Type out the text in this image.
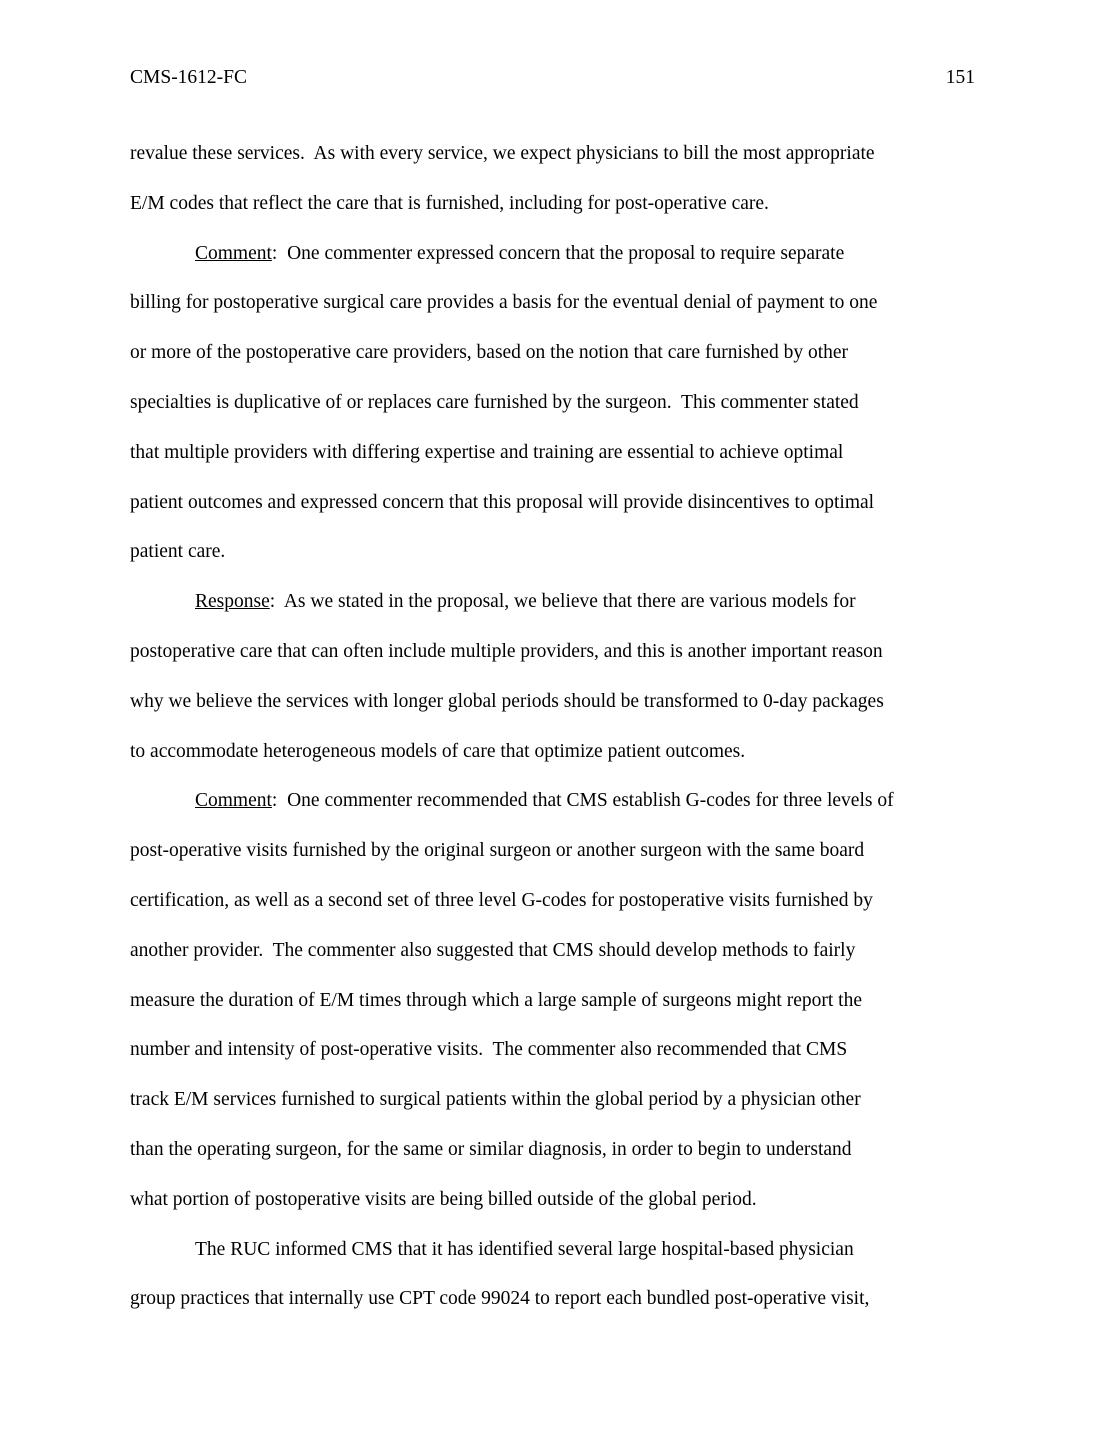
CMS-1612-FC	151
revalue these services.  As with every service, we expect physicians to bill the most appropriate
E/M codes that reflect the care that is furnished, including for post-operative care.
Comment:  One commenter expressed concern that the proposal to require separate
billing for postoperative surgical care provides a basis for the eventual denial of payment to one
or more of the postoperative care providers, based on the notion that care furnished by other
specialties is duplicative of or replaces care furnished by the surgeon.  This commenter stated
that multiple providers with differing expertise and training are essential to achieve optimal
patient outcomes and expressed concern that this proposal will provide disincentives to optimal
patient care.
Response:  As we stated in the proposal, we believe that there are various models for
postoperative care that can often include multiple providers, and this is another important reason
why we believe the services with longer global periods should be transformed to 0-day packages
to accommodate heterogeneous models of care that optimize patient outcomes.
Comment:  One commenter recommended that CMS establish G-codes for three levels of
post-operative visits furnished by the original surgeon or another surgeon with the same board
certification, as well as a second set of three level G-codes for postoperative visits furnished by
another provider.  The commenter also suggested that CMS should develop methods to fairly
measure the duration of E/M times through which a large sample of surgeons might report the
number and intensity of post-operative visits.  The commenter also recommended that CMS
track E/M services furnished to surgical patients within the global period by a physician other
than the operating surgeon, for the same or similar diagnosis, in order to begin to understand
what portion of postoperative visits are being billed outside of the global period.
The RUC informed CMS that it has identified several large hospital-based physician
group practices that internally use CPT code 99024 to report each bundled post-operative visit,
